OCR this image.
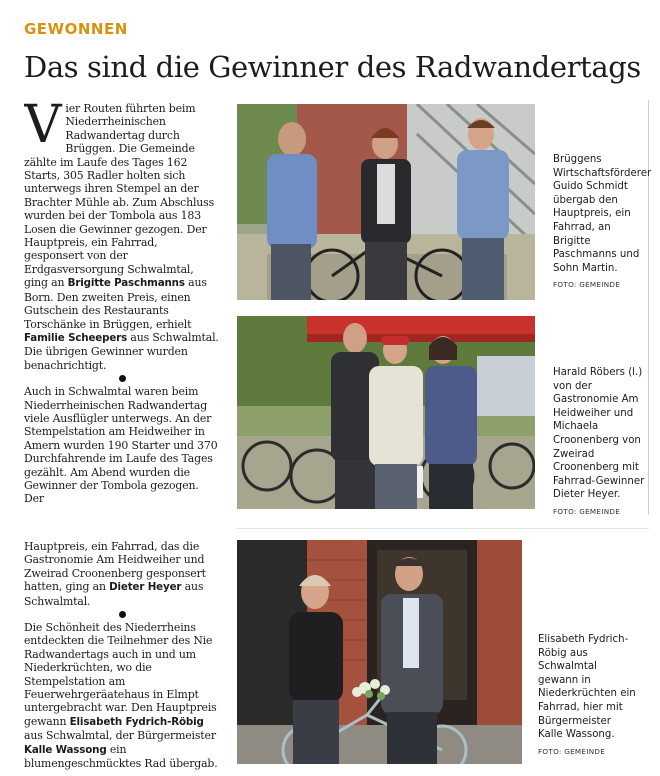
GEWONNEN
Das sind die Gewinner des Radwandertags

Vier Routen führten beim Niederrheinischen Radwandertag durch Brüggen. Die Gemeinde zählte im Laufe des Tages 162 Starts, 305 Radler holten sich unterwegs ihren Stempel an der Brachter Mühle ab. Zum Abschluss wurden bei der Tombola aus 183 Losen die Gewinner gezogen. Der Hauptpreis, ein Fahrrad, gesponsert von der Erdgasversorgung Schwalmtal, ging an Brigitte Paschmanns aus Born. Den zweiten Preis, einen Gutschein des Restaurants Torschänke in Brüggen, erhielt Familie Scheepers aus Schwalmtal. Die übrigen Gewinner wurden benachrichtigt.

Auch in Schwalmtal waren beim Niederrheinischen Radwandertag viele Ausflügler unterwegs. An der Stempelstation am Heidweiher in Amern wurden 190 Starter und 370 Durchfahrende im Laufe des Tages gezählt. Am Abend wurden die Gewinner der Tombola gezogen. Der

Hauptpreis, ein Fahrrad, das die Gastronomie Am Heidweiher und Zweirad Croonenberg gesponsert hatten, ging an Dieter Heyer aus Schwalmtal.

Die Schönheit des Niederrheins entdeckten die Teilnehmer des Nie Radwandertags auch in und um Niederkrüchten, wo die Stempelstation am Feuerwehrgeräatehaus in Elmpt untergebracht war. Den Hauptpreis gewann Elisabeth Fydrich-Röbig aus Schwalmtal, der Bürgermeister Kalle Wassong ein blumengeschmücktes Rad übergab.

Brüggens Wirtschaftsförderer Guido Schmidt übergab den Hauptpreis, ein Fahrrad, an Brigitte Paschmanns und Sohn Martin.
FOTO: GEMEINDE
Harald Röbers (l.) von der Gastronomie Am Heidweiher und Michaela Croonenberg von Zweirad Croonenberg mit Fahrrad-Gewinner Dieter Heyer.
FOTO: GEMEINDE
Elisabeth Fydrich-Röbig aus Schwalmtal gewann in Niederkrüchten ein Fahrrad, hier mit Bürgermeister Kalle Wassong.
FOTO: GEMEINDE
